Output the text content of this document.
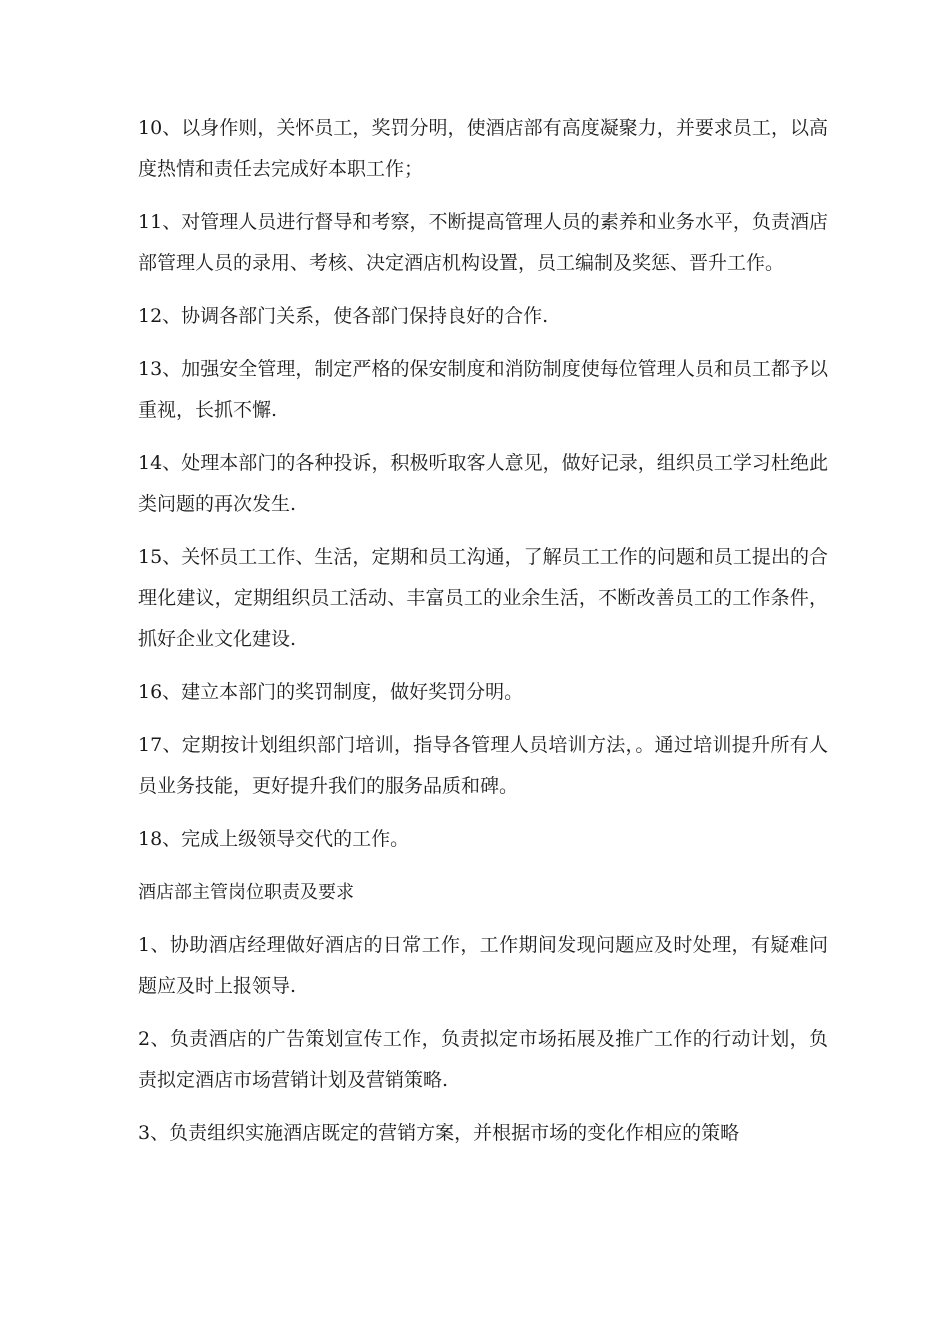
10、以身作则，关怀员工，奖罚分明，使酒店部有高度凝聚力，并要求员工，以高度热情和责任去完成好本职工作；

11、对管理人员进行督导和考察，不断提高管理人员的素养和业务水平，负责酒店部管理人员的录用、考核、决定酒店机构设置，员工编制及奖惩、晋升工作。

12、协调各部门关系，使各部门保持良好的合作.

13、加强安全管理，制定严格的保安制度和消防制度使每位管理人员和员工都予以重视，长抓不懈.

14、处理本部门的各种投诉，积极听取客人意见，做好记录，组织员工学习杜绝此类问题的再次发生.

15、关怀员工工作、生活，定期和员工沟通，了解员工工作的问题和员工提出的合理化建议，定期组织员工活动、丰富员工的业余生活，不断改善员工的工作条件，抓好企业文化建设.

16、建立本部门的奖罚制度，做好奖罚分明。

17、定期按计划组织部门培训，指导各管理人员培训方法，。通过培训提升所有人员业务技能，更好提升我们的服务品质和碑。

18、完成上级领导交代的工作。

酒店部主管岗位职责及要求

1、协助酒店经理做好酒店的日常工作，工作期间发现问题应及时处理，有疑难问题应及时上报领导.

2、负责酒店的广告策划宣传工作，负责拟定市场拓展及推广工作的行动计划，负责拟定酒店市场营销计划及营销策略.

3、负责组织实施酒店既定的营销方案，并根据市场的变化作相应的策略
